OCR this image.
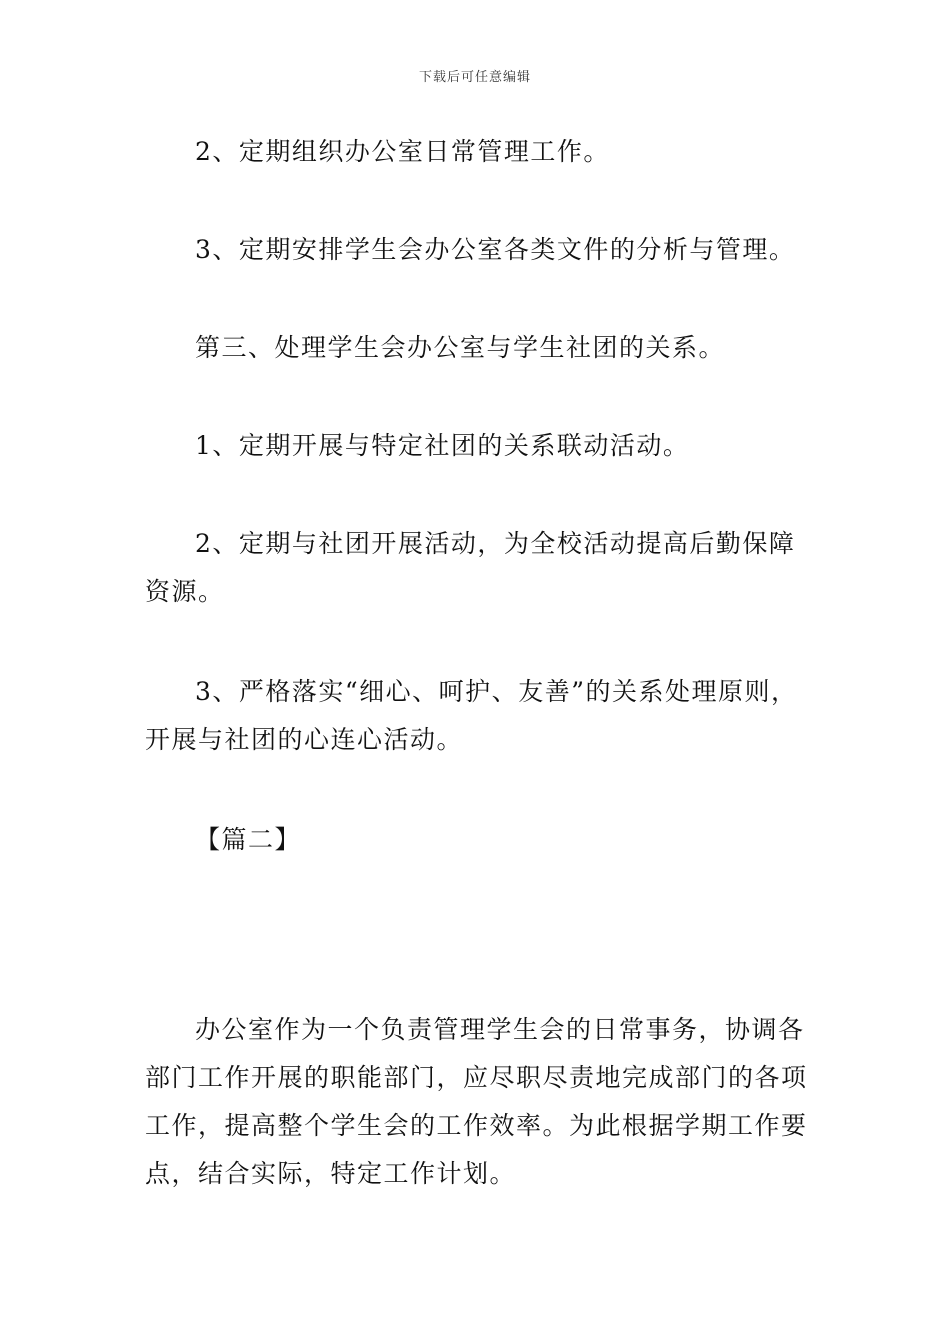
下载后可任意编辑

2、定期组织办公室日常管理工作。

3、定期安排学生会办公室各类文件的分析与管理。

第三、处理学生会办公室与学生社团的关系。

1、定期开展与特定社团的关系联动活动。

2、定期与社团开展活动，为全校活动提高后勤保障资源。

3、严格落实“细心、呵护、友善”的关系处理原则，开展与社团的心连心活动。

【篇二】

办公室作为一个负责管理学生会的日常事务，协调各部门工作开展的职能部门，应尽职尽责地完成部门的各项工作，提高整个学生会的工作效率。为此根据学期工作要点，结合实际，特定工作计划。
